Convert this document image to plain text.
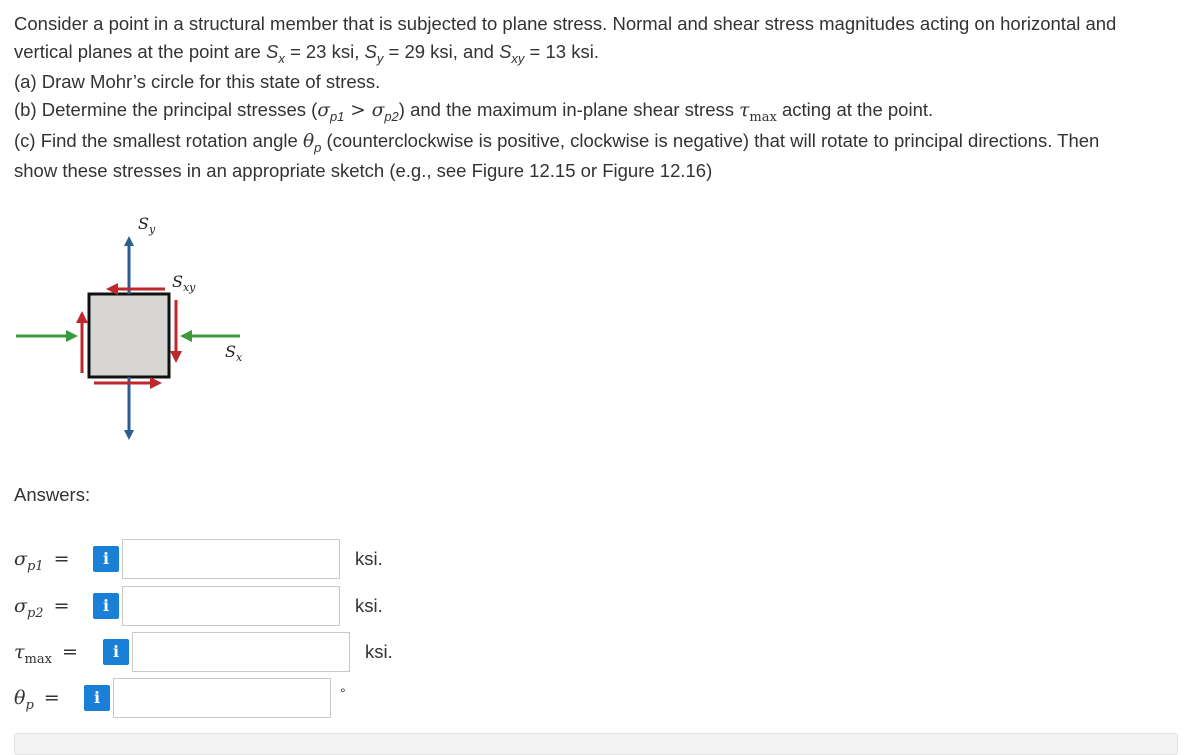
Consider a point in a structural member that is subjected to plane stress. Normal and shear stress magnitudes acting on horizontal and

vertical planes at the point are $S_x = 23$ ksi, $S_y = 29$ ksi, and $S_{xy} = 13$ ksi.

(a) Draw Mohr’s circle for this state of stress.

(b) Determine the principal stresses $(\sigma_{p1} > \sigma_{p2})$ and the maximum in-plane shear stress $\tau_{max}$ acting at the point.

(c) Find the smallest rotation angle $\theta_p$ (counterclockwise is positive, clockwise is negative) that will rotate to principal directions. Then

show these stresses in an appropriate sketch (e.g., see Figure 12.15 or Figure 12.16)

$S_y$
$S_{xy}$
$S_x$
Answers:
$\sigma_{p1}$ =	i	ksi.
$\sigma_{p2}$ =	i	ksi.
$\tau_{max}$ =	i	ksi.
$\theta_p$ =	i	°
